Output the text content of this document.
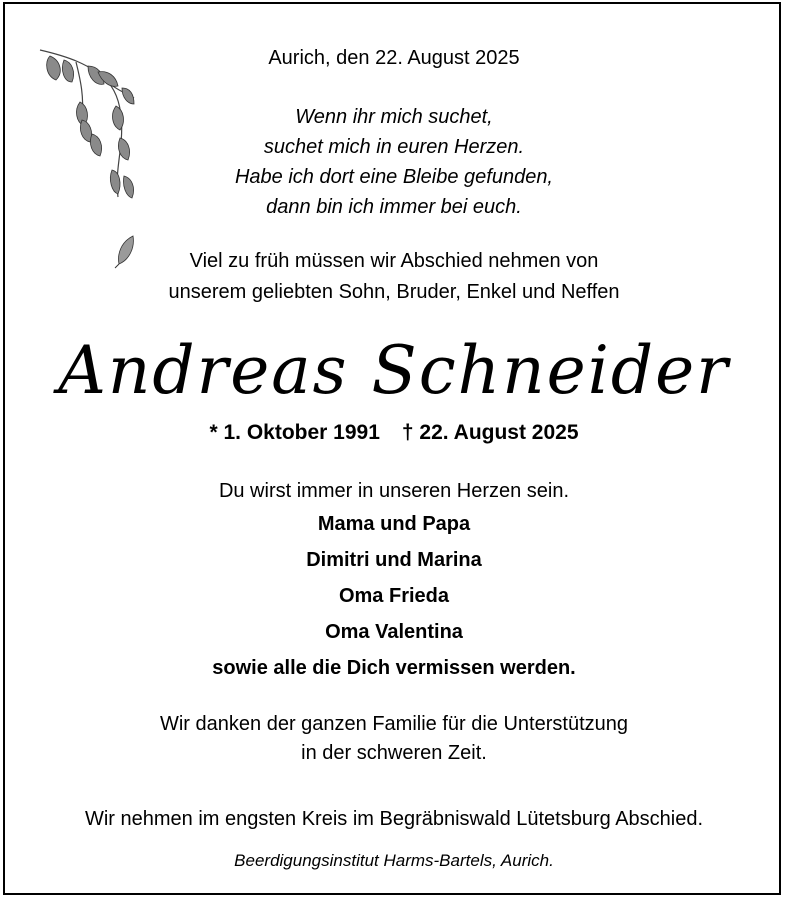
Aurich, den 22. August 2025
Wenn ihr mich suchet,
suchet mich in euren Herzen.
Habe ich dort eine Bleibe gefunden,
dann bin ich immer bei euch.
Viel zu früh müssen wir Abschied nehmen von
unserem geliebten Sohn, Bruder, Enkel und Neffen
Andreas Schneider
* 1. Oktober 1991 † 22. August 2025
Du wirst immer in unseren Herzen sein.
Mama und Papa
Dimitri und Marina
Oma Frieda
Oma Valentina
sowie alle die Dich vermissen werden.
Wir danken der ganzen Familie für die Unterstützung
in der schweren Zeit.
Wir nehmen im engsten Kreis im Begräbniswald Lütetsburg Abschied.
Beerdigungsinstitut Harms-Bartels, Aurich.
